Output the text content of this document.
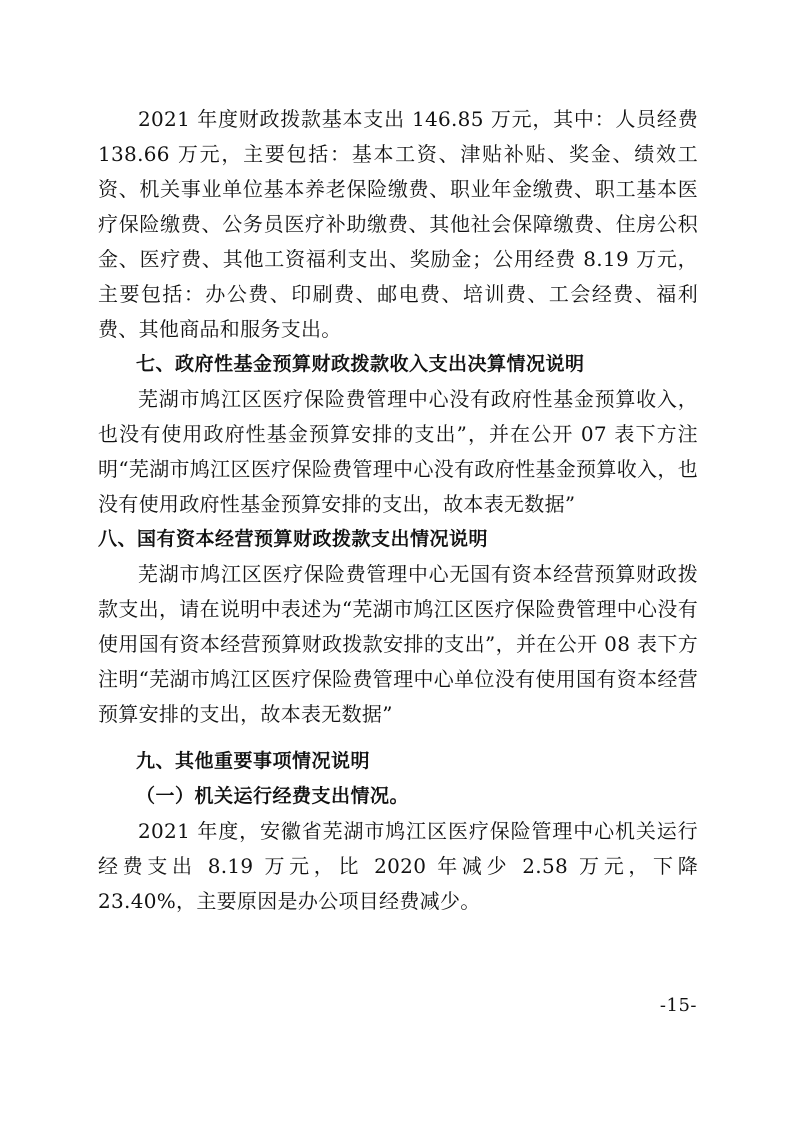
2021 年度财政拨款基本支出 146.85 万元，其中：人员经费 138.66 万元，主要包括：基本工资、津贴补贴、奖金、绩效工资、机关事业单位基本养老保险缴费、职业年金缴费、职工基本医疗保险缴费、公务员医疗补助缴费、其他社会保障缴费、住房公积金、医疗费、其他工资福利支出、奖励金；公用经费 8.19 万元，主要包括：办公费、印刷费、邮电费、培训费、工会经费、福利费、其他商品和服务支出。

七、政府性基金预算财政拨款收入支出决算情况说明

芜湖市鸠江区医疗保险费管理中心没有政府性基金预算收入，也没有使用政府性基金预算安排的支出”，并在公开 07 表下方注明“芜湖市鸠江区医疗保险费管理中心没有政府性基金预算收入，也没有使用政府性基金预算安排的支出，故本表无数据”

八、国有资本经营预算财政拨款支出情况说明

芜湖市鸠江区医疗保险费管理中心无国有资本经营预算财政拨款支出，请在说明中表述为“芜湖市鸠江区医疗保险费管理中心没有使用国有资本经营预算财政拨款安排的支出”，并在公开 08 表下方注明“芜湖市鸠江区医疗保险费管理中心单位没有使用国有资本经营预算安排的支出，故本表无数据”

九、其他重要事项情况说明
（一）机关运行经费支出情况。

2021 年度，安徽省芜湖市鸠江区医疗保险管理中心机关运行经费支出 8.19 万元，比 2020 年减少 2.58 万元，下降 23.40%，主要原因是办公项目经费减少。

-15-
